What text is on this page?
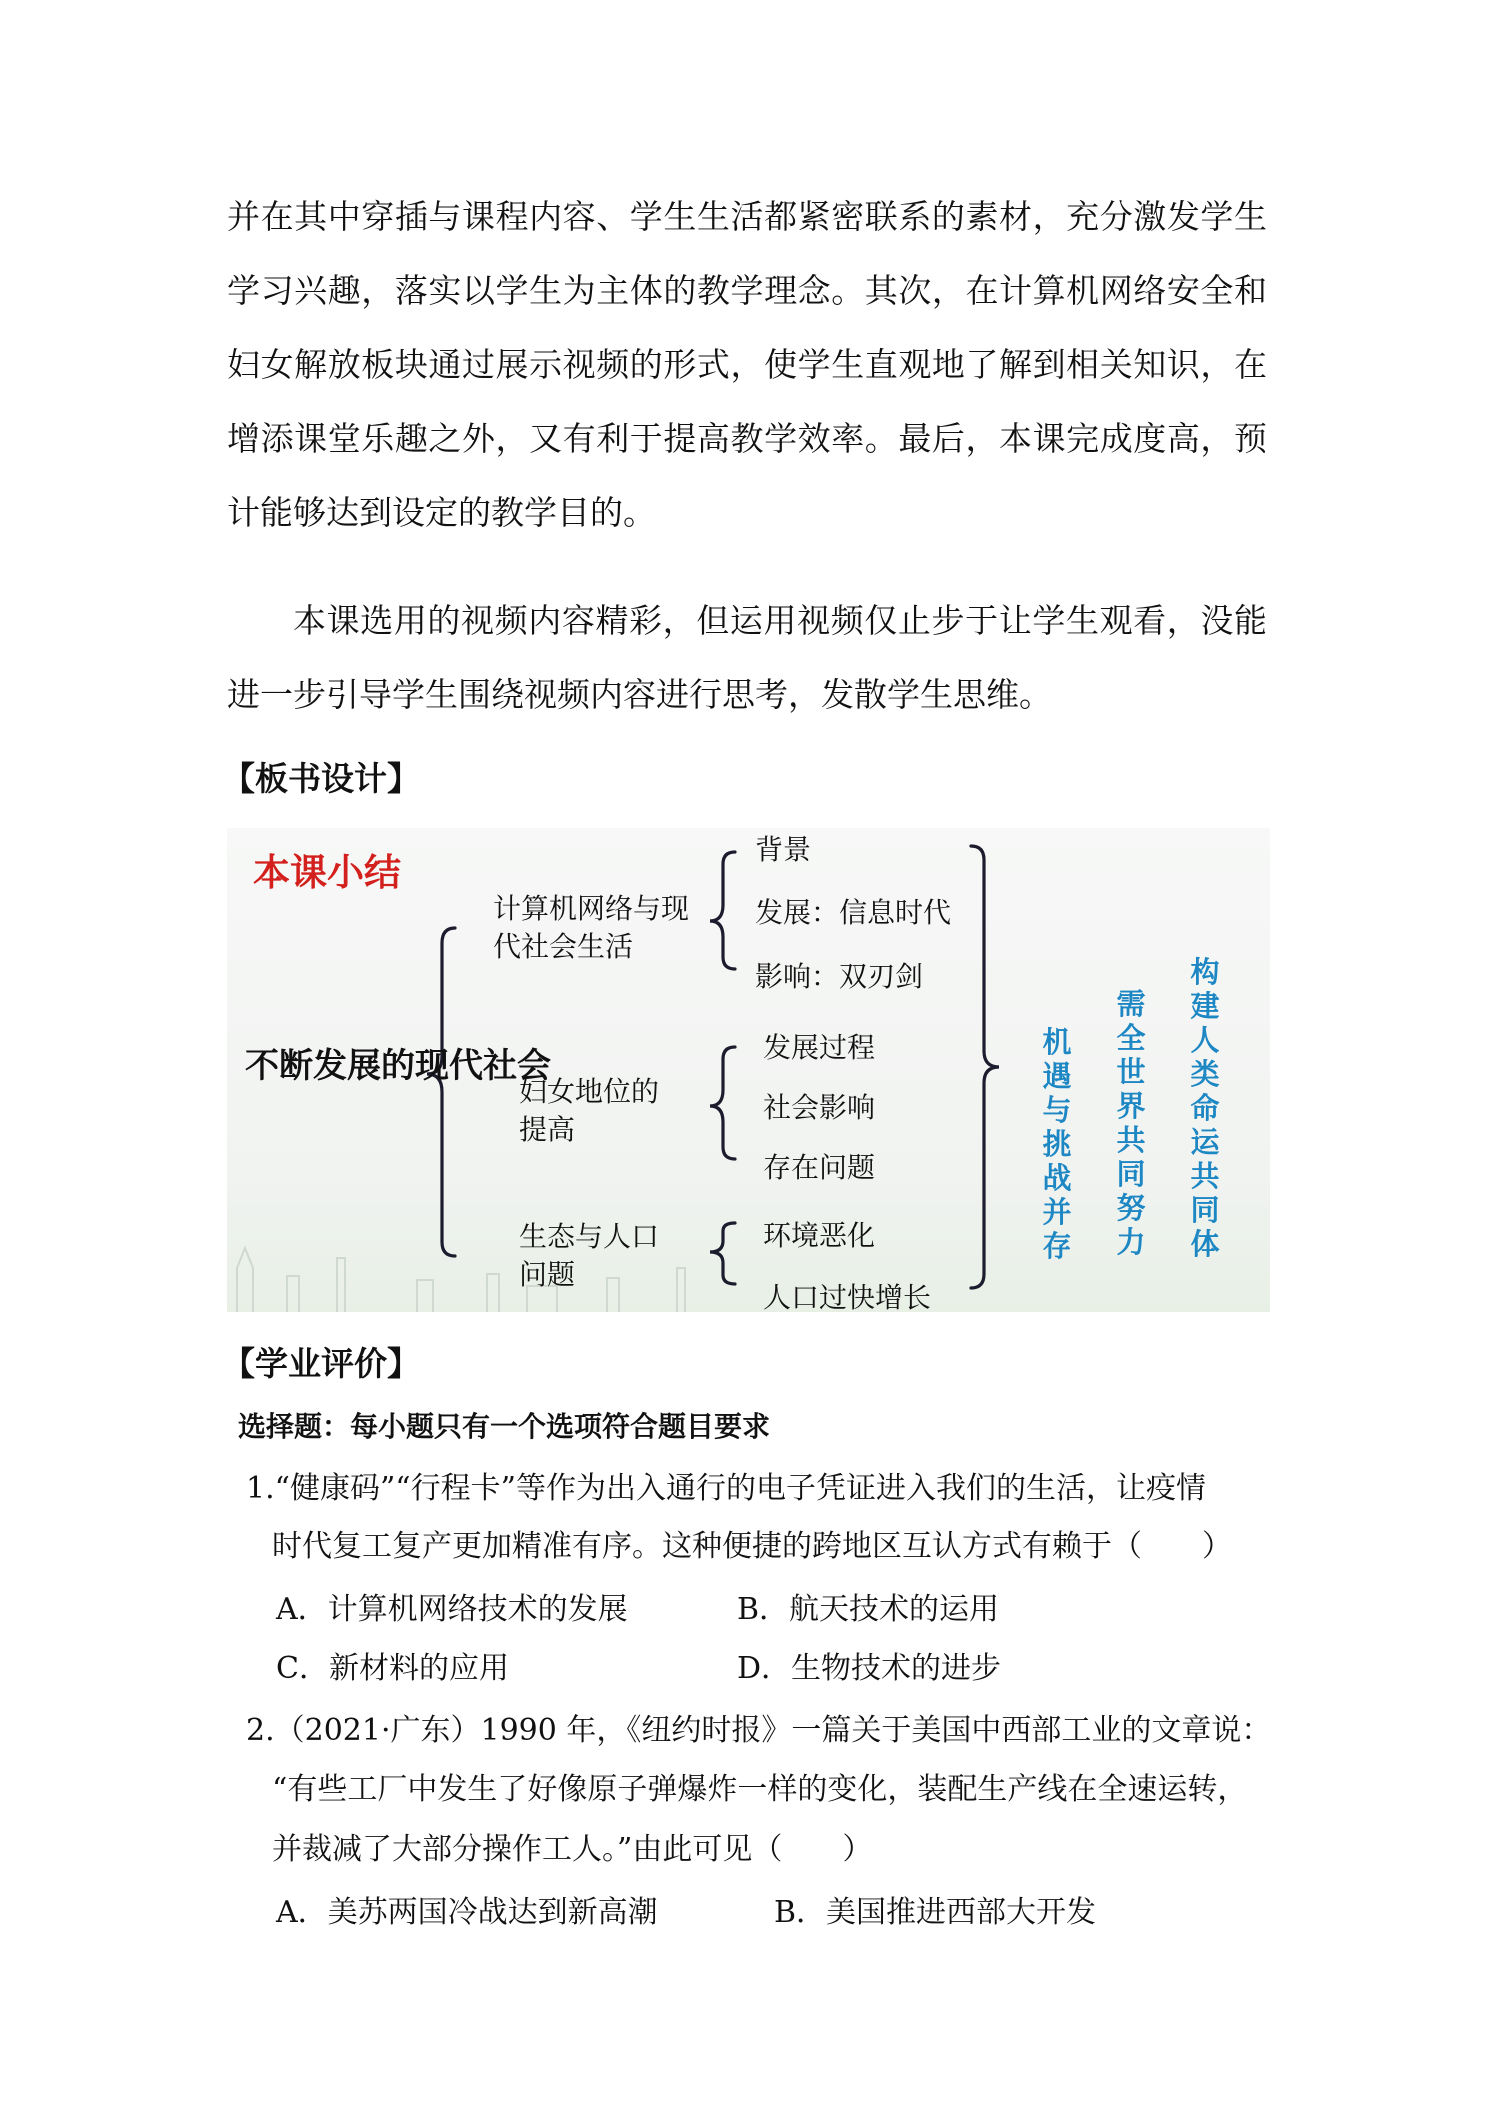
并在其中穿插与课程内容、学生生活都紧密联系的素材，充分激发学生学习兴趣，落实以学生为主体的教学理念。其次，在计算机网络安全和妇女解放板块通过展示视频的形式，使学生直观地了解到相关知识，在增添课堂乐趣之外，又有利于提高教学效率。最后，本课完成度高，预计能够达到设定的教学目的。

本课选用的视频内容精彩，但运用视频仅止步于让学生观看，没能进一步引导学生围绕视频内容进行思考，发散学生思维。

【板书设计】

本课小结

不断发展的现代社会

计算机网络与现代社会生活

妇女地位的提高

生态与人口问题

背景

发展：信息时代

影响：双刃剑

发展过程

社会影响

存在问题

环境恶化

人口过快增长

机遇与挑战并存

需全世界共同努力

构建人类命运共同体

【学业评价】

选择题：每小题只有一个选项符合题目要求

1.“健康码”“行程卡”等作为出入通行的电子凭证进入我们的生活，让疫情

时代复工复产更加精准有序。这种便捷的跨地区互认方式有赖于（　　）

A．计算机网络技术的发展	B．航天技术的运用

C．新材料的应用	D．生物技术的进步

2.（2021·广东）1990 年，《纽约时报》一篇关于美国中西部工业的文章说：

“有些工厂中发生了好像原子弹爆炸一样的变化，装配生产线在全速运转，

并裁减了大部分操作工人。”由此可见（　　）

A．美苏两国冷战达到新高潮	B．美国推进西部大开发
